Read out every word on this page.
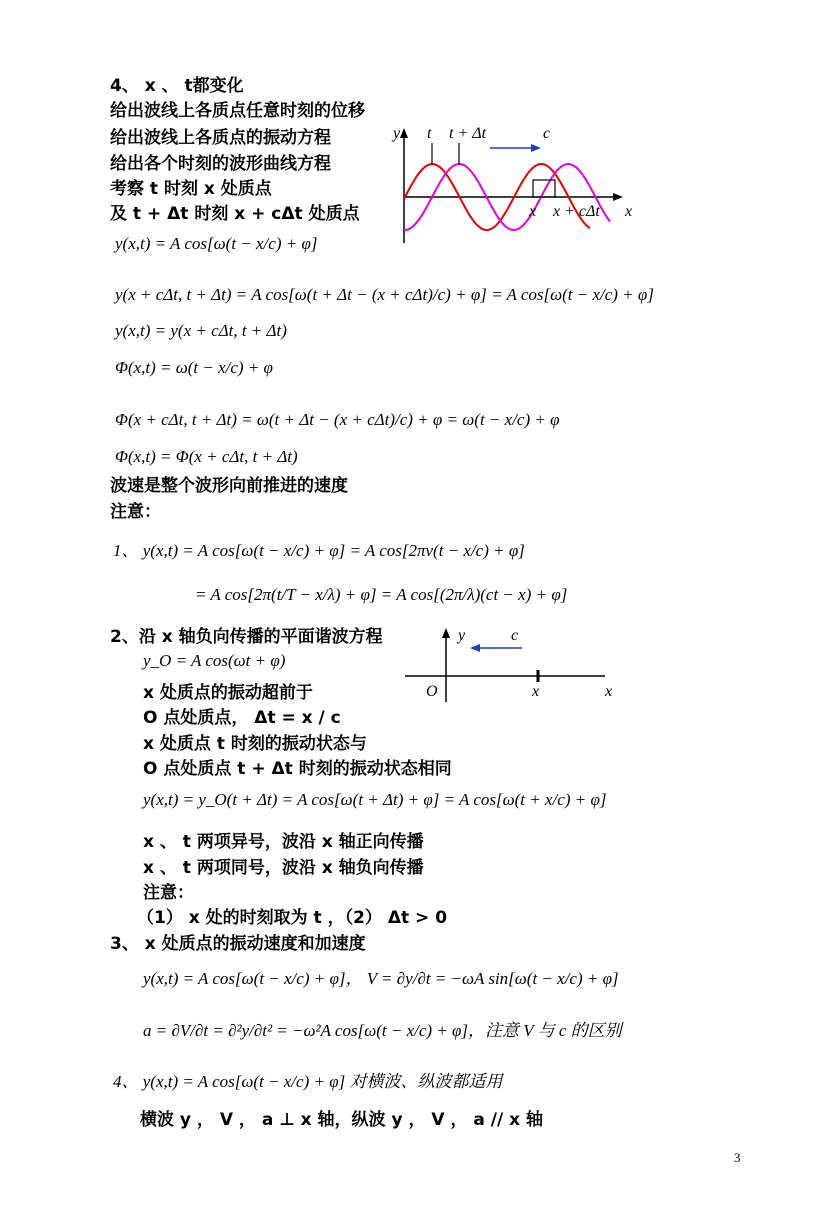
4、 x 、 t都变化
给出波线上各质点任意时刻的位移
给出波线上各质点的振动方程
给出各个时刻的波形曲线方程
考察 t 时刻 x 处质点
及 t + Δt 时刻 x + cΔt 处质点
y t t + Δt	c
x x + cΔt x
y(x,t) = A cos[ω(t − x/c) + φ]
y(x + cΔt, t + Δt) = A cos[ω(t + Δt − (x + cΔt)/c) + φ] = A cos[ω(t − x/c) + φ]
y(x,t) = y(x + cΔt, t + Δt)
Φ(x,t) = ω(t − x/c) + φ
Φ(x + cΔt, t + Δt) = ω(t + Δt − (x + cΔt)/c) + φ = ω(t − x/c) + φ
Φ(x,t) = Φ(x + cΔt, t + Δt)
波速是整个波形向前推进的速度
注意：
1、 y(x,t) = A cos[ω(t − x/c) + φ] = A cos[2πν(t − x/c) + φ]
= A cos[2π(t/T − x/λ) + φ] = A cos[(2π/λ)(ct − x) + φ]
2、沿 x 轴负向传播的平面谐波方程
y_O = A cos(ωt + φ)
x 处质点的振动超前于
O 点处质点， Δt = x / c
x 处质点 t 时刻的振动状态与
O 点处质点 t + Δt 时刻的振动状态相同
y	c
O	x	x
y(x,t) = y_O(t + Δt) = A cos[ω(t + Δt) + φ] = A cos[ω(t + x/c) + φ]
x 、 t 两项异号，波沿 x 轴正向传播
x 、 t 两项同号，波沿 x 轴负向传播
注意：
（1） x 处的时刻取为 t ，（2） Δt > 0
3、 x 处质点的振动速度和加速度
y(x,t) = A cos[ω(t − x/c) + φ]， V = ∂y/∂t = −ωA sin[ω(t − x/c) + φ]
a = ∂V/∂t = ∂²y/∂t² = −ω²A cos[ω(t − x/c) + φ]，注意 V 与 c 的区别
4、 y(x,t) = A cos[ω(t − x/c) + φ] 对横波、纵波都适用
横波 y ， V ， a ⊥ x 轴，纵波 y ， V ， a // x 轴
3
